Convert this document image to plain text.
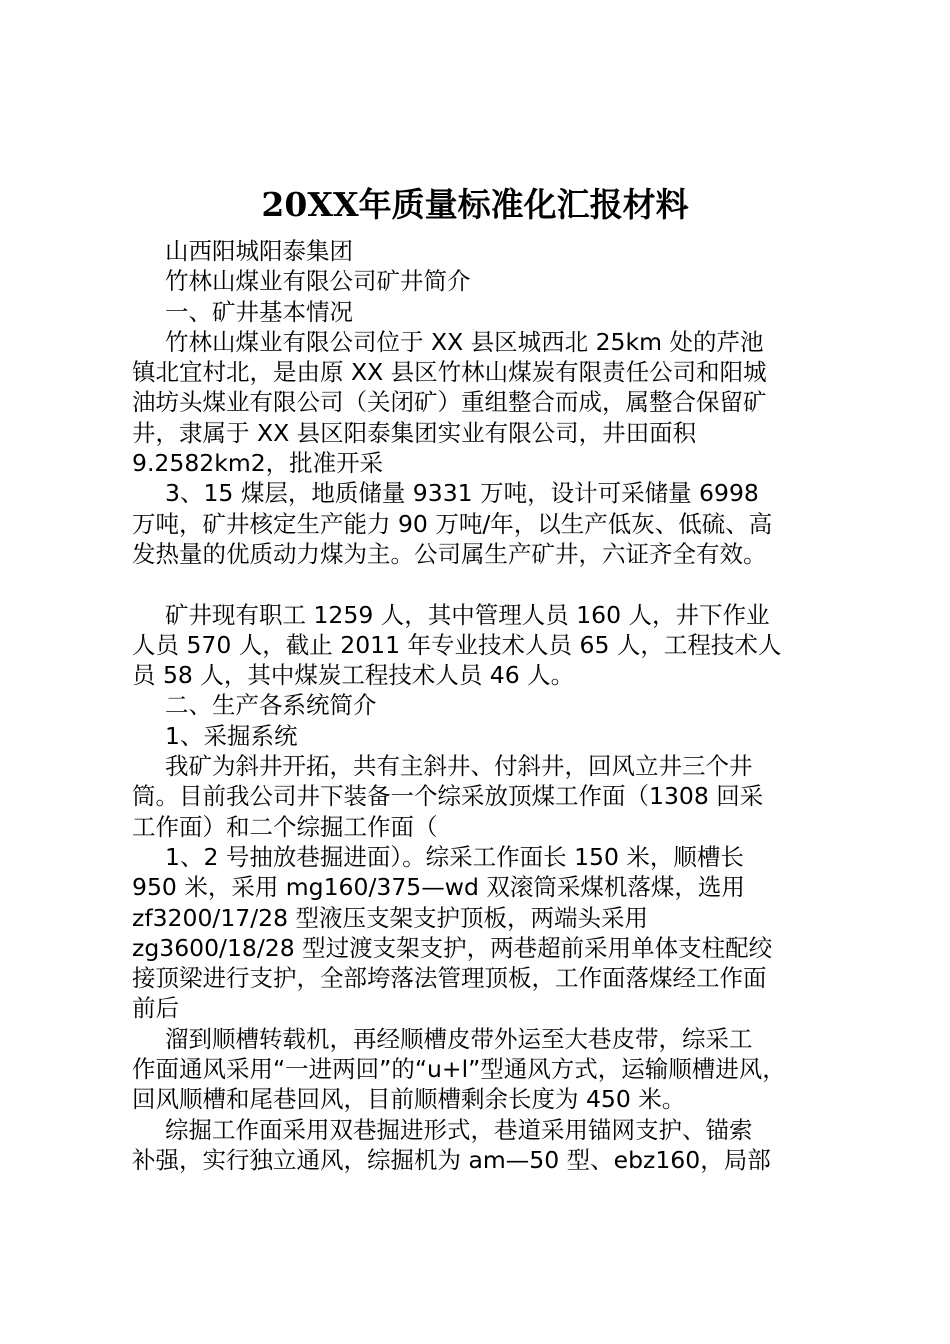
20XX年质量标准化汇报材料
山西阳城阳泰集团
竹林山煤业有限公司矿井简介
一、矿井基本情况
竹林山煤业有限公司位于 XX 县区城西北 25km 处的芹池
镇北宜村北，是由原 XX 县区竹林山煤炭有限责任公司和阳城
油坊头煤业有限公司（关闭矿）重组整合而成，属整合保留矿
井，隶属于 XX 县区阳泰集团实业有限公司，井田面积
9.2582km2，批准开采
3、15 煤层，地质储量 9331 万吨，设计可采储量 6998
万吨，矿井核定生产能力 90 万吨/年，以生产低灰、低硫、高
发热量的优质动力煤为主。公司属生产矿井，六证齐全有效。
矿井现有职工 1259 人，其中管理人员 160 人，井下作业
人员 570 人，截止 2011 年专业技术人员 65 人，工程技术人
员 58 人，其中煤炭工程技术人员 46 人。
二、生产各系统简介
1、采掘系统
我矿为斜井开拓，共有主斜井、付斜井，回风立井三个井
筒。目前我公司井下装备一个综采放顶煤工作面（1308 回采
工作面）和二个综掘工作面（
1、2 号抽放巷掘进面）。综采工作面长 150 米，顺槽长
950 米，采用 mg160/375—wd 双滚筒采煤机落煤，选用
zf3200/17/28 型液压支架支护顶板，两端头采用
zg3600/18/28 型过渡支架支护，两巷超前采用单体支柱配绞
接顶梁进行支护，全部垮落法管理顶板，工作面落煤经工作面
前后
溜到顺槽转载机，再经顺槽皮带外运至大巷皮带，综采工
作面通风采用“一进两回”的“u+l”型通风方式，运输顺槽进风，
回风顺槽和尾巷回风，目前顺槽剩余长度为 450 米。
综掘工作面采用双巷掘进形式，巷道采用锚网支护、锚索
补强，实行独立通风，综掘机为 am—50 型、ebz160，局部
